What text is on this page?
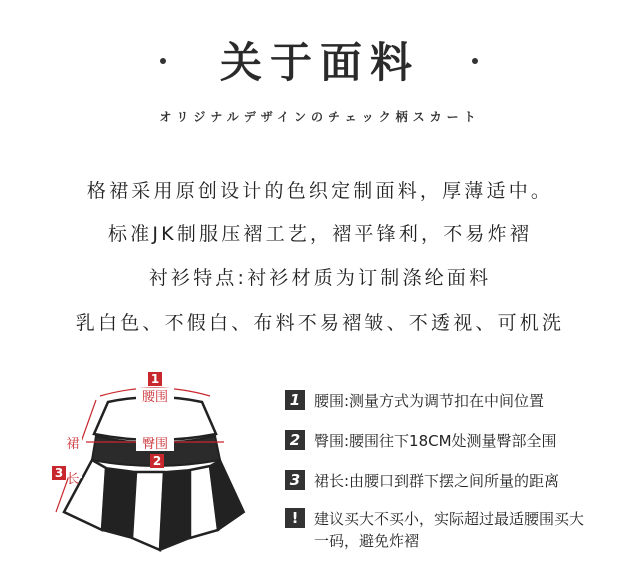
关于面料
オリジナルデザインのチェック柄スカート
格裙采用原创设计的色织定制面料，厚薄适中。
标准JK制服压褶工艺，褶平锋利，不易炸褶
衬衫特点:衬衫材质为订制涤纶面料
乳白色、不假白、布料不易褶皱、不透视、可机洗
1
腰围
臀围
2
裙
长
3
1 腰围:测量方式为调节扣在中间位置
2 臀围:腰围往下18CM处测量臀部全围
3 裙长:由腰口到群下摆之间所量的距离
!	建议买大不买小，实际超过最适腰围买大一码，避免炸褶
